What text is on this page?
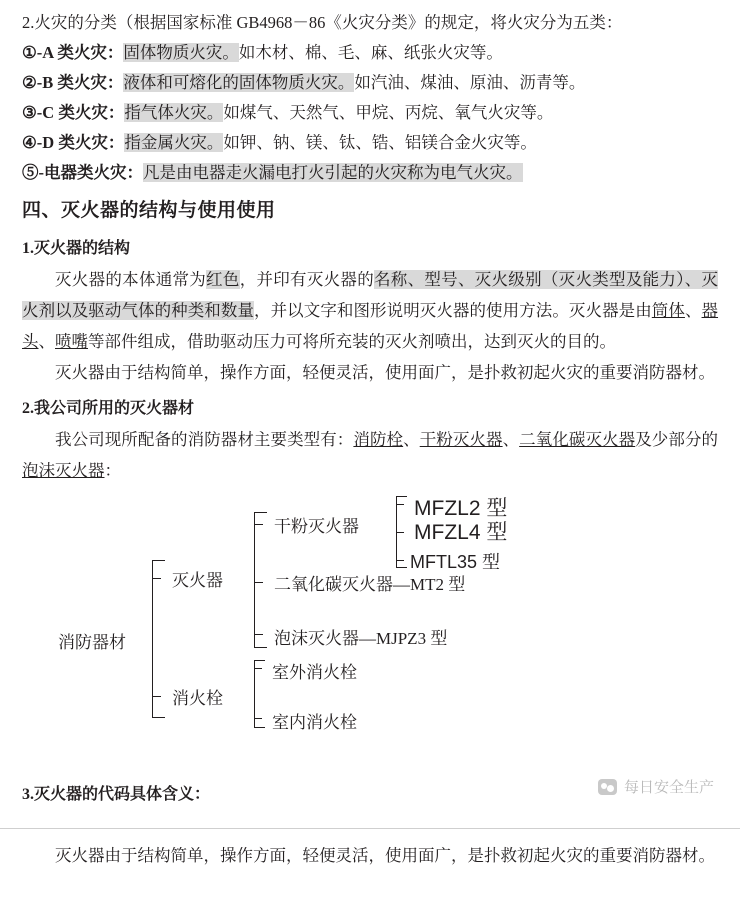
2.火灾的分类（根据国家标准 GB4968－86《火灾分类》的规定，将火灾分为五类：
①-A 类火灾：固体物质火灾。如木材、棉、毛、麻、纸张火灾等。
②-B 类火灾：液体和可熔化的固体物质火灾。如汽油、煤油、原油、沥青等。
③-C 类火灾：指气体火灾。如煤气、天然气、甲烷、丙烷、氧气火灾等。
④-D 类火灾：指金属火灾。如钾、钠、镁、钛、锆、铝镁合金火灾等。
⑤-电器类火灾：凡是由电器走火漏电打火引起的火灾称为电气火灾。
四、灭火器的结构与使用使用
1.灭火器的结构

灭火器的本体通常为红色，并印有灭火器的名称、型号、灭火级别（灭火类型及能力）、灭火剂以及驱动气体的种类和数量，并以文字和图形说明灭火器的使用方法。灭火器是由筒体、器头、喷嘴等部件组成，借助驱动压力可将所充装的灭火剂喷出，达到灭火的目的。

灭火器由于结构简单，操作方面，轻便灵活，使用面广，是扑救初起火灾的重要消防器材。

2.我公司所用的灭火器材

我公司现所配备的消防器材主要类型有：消防栓、干粉灭火器、二氧化碳灭火器及少部分的泡沫灭火器：

消防器材
灭火器
消火栓
干粉灭火器
二氧化碳灭火器—MT2 型
泡沫灭火器—MJPZ3 型
MFZL2 型
MFZL4 型
MFTL35 型
室外消火栓
室内消火栓
3.灭火器的代码具体含义：	每日安全生产

灭火器由于结构简单，操作方面，轻便灵活，使用面广，是扑救初起火灾的重要消防器材。
